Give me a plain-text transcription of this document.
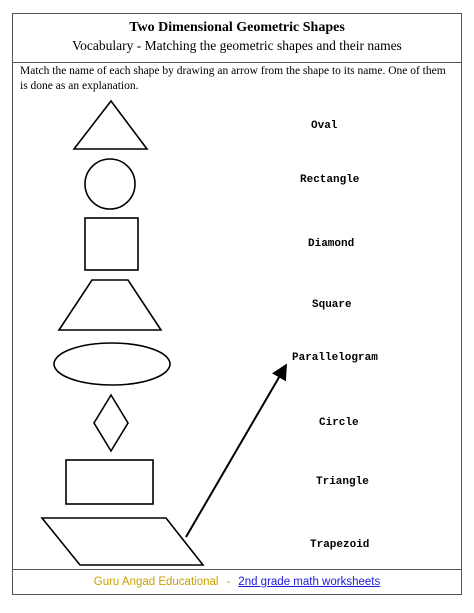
Two Dimensional Geometric Shapes
Vocabulary - Matching the geometric shapes and their names
Match the name of each shape by drawing an arrow from the shape to its name. One of them is done as an explanation.
Oval
Rectangle
Diamond
Square
Parallelogram
Circle
Triangle
Trapezoid
Guru Angad Educational - 2nd grade math worksheets
